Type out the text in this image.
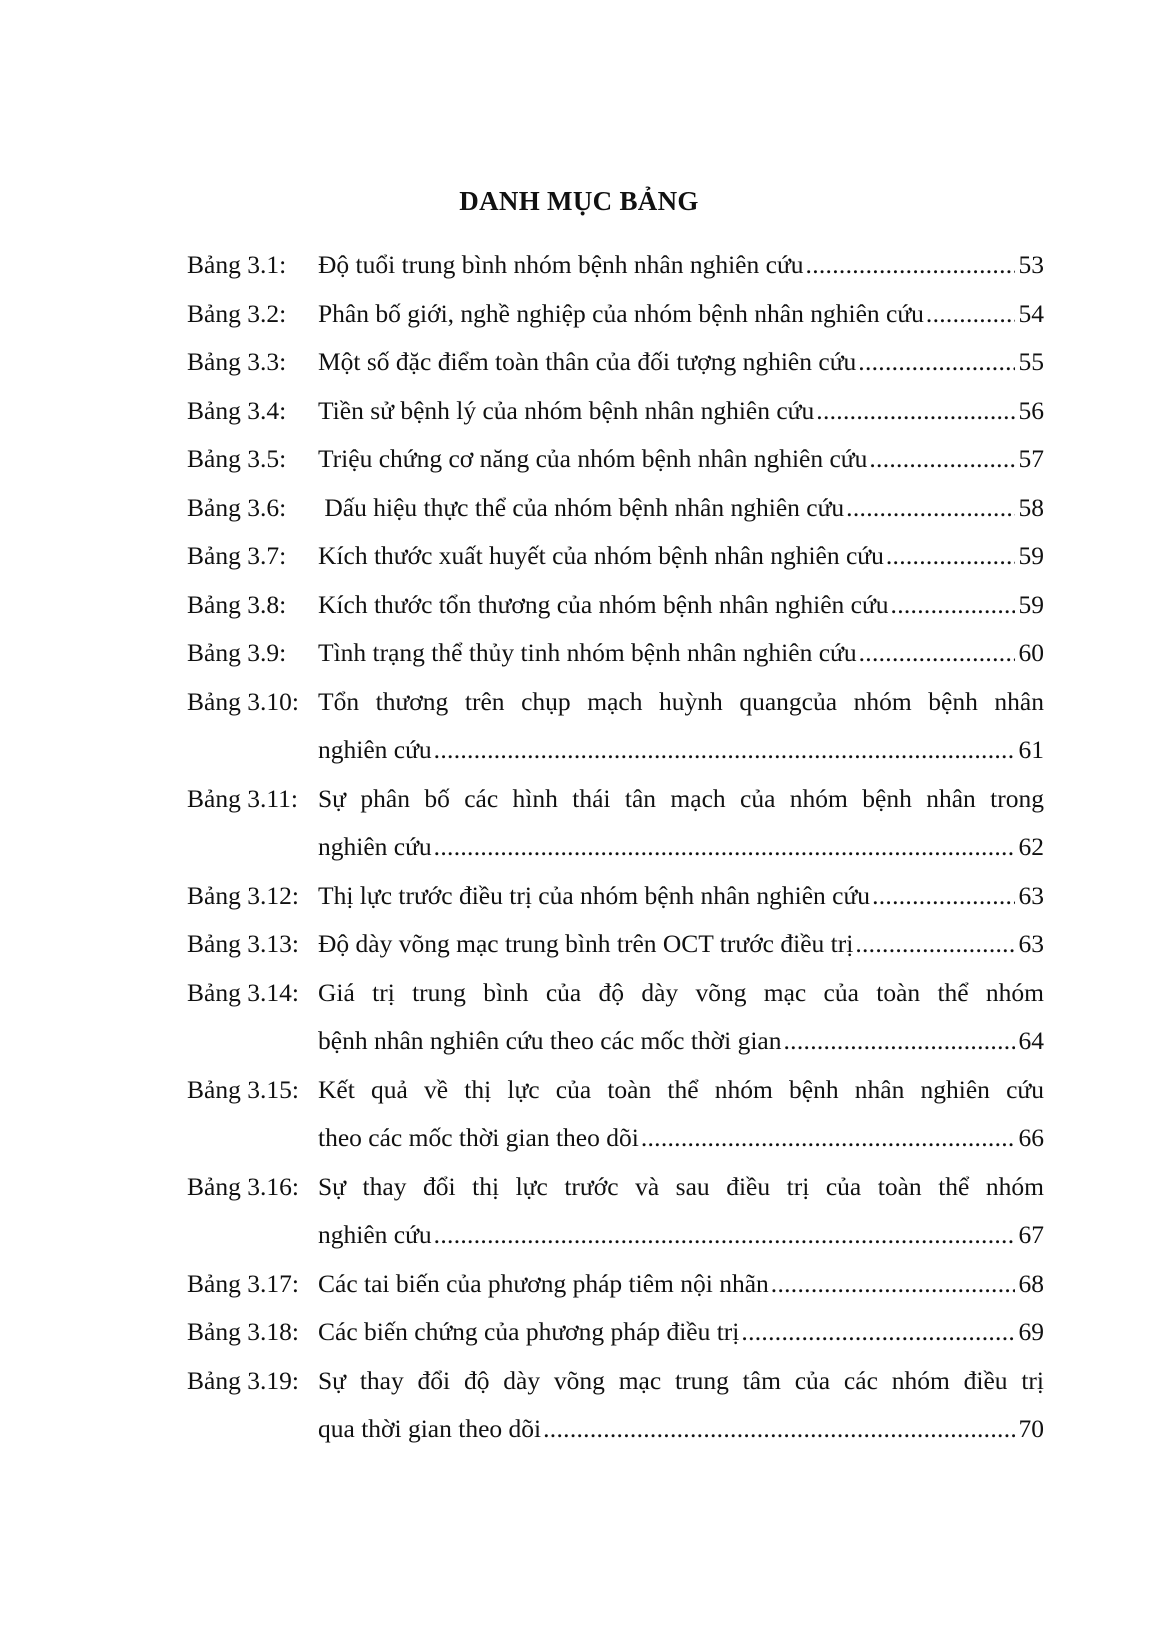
DANH MỤC BẢNG
Bảng 3.1:	Độ tuổi trung bình nhóm bệnh nhân nghiên cứu .....	53
Bảng 3.2:	Phân bố giới, nghề nghiệp của nhóm bệnh nhân nghiên cứu .....	54
Bảng 3.3:	Một số đặc điểm toàn thân của đối tượng nghiên cứu .....	55
Bảng 3.4:	Tiền sử bệnh lý của nhóm bệnh nhân nghiên cứu .....	56
Bảng 3.5:	Triệu chứng cơ năng của nhóm bệnh nhân nghiên cứu .....	57
Bảng 3.6:	Dấu hiệu thực thể của nhóm bệnh nhân nghiên cứu .....	58
Bảng 3.7:	Kích thước xuất huyết của nhóm bệnh nhân nghiên cứu .....	59
Bảng 3.8:	Kích thước tổn thương của nhóm bệnh nhân nghiên cứu .....	59
Bảng 3.9:	Tình trạng thể thủy tinh nhóm bệnh nhân nghiên cứu .....	60
Bảng 3.10: Tổn thương trên chụp mạch huỳnh quangcủa nhóm bệnh nhân
nghiên cứu .....	61
Bảng 3.11: Sự phân bố các hình thái tân mạch của nhóm bệnh nhân trong
nghiên cứu .....	62
Bảng 3.12: Thị lực trước điều trị của nhóm bệnh nhân nghiên cứu .....	63
Bảng 3.13: Độ dày võng mạc trung bình trên OCT trước điều trị .....	63
Bảng 3.14: Giá trị trung bình của độ dày võng mạc của toàn thể nhóm
bệnh nhân nghiên cứu theo các mốc thời gian .....	64
Bảng 3.15: Kết quả về thị lực của toàn thể nhóm bệnh nhân nghiên cứu
theo các mốc thời gian theo dõi .....	66
Bảng 3.16: Sự thay đổi thị lực trước và sau điều trị của toàn thể nhóm
nghiên cứu .....	67
Bảng 3.17: Các tai biến của phương pháp tiêm nội nhãn .....	68
Bảng 3.18: Các biến chứng của phương pháp điều trị .....	69
Bảng 3.19: Sự thay đổi độ dày võng mạc trung tâm của các nhóm điều trị
qua thời gian theo dõi .....	70
